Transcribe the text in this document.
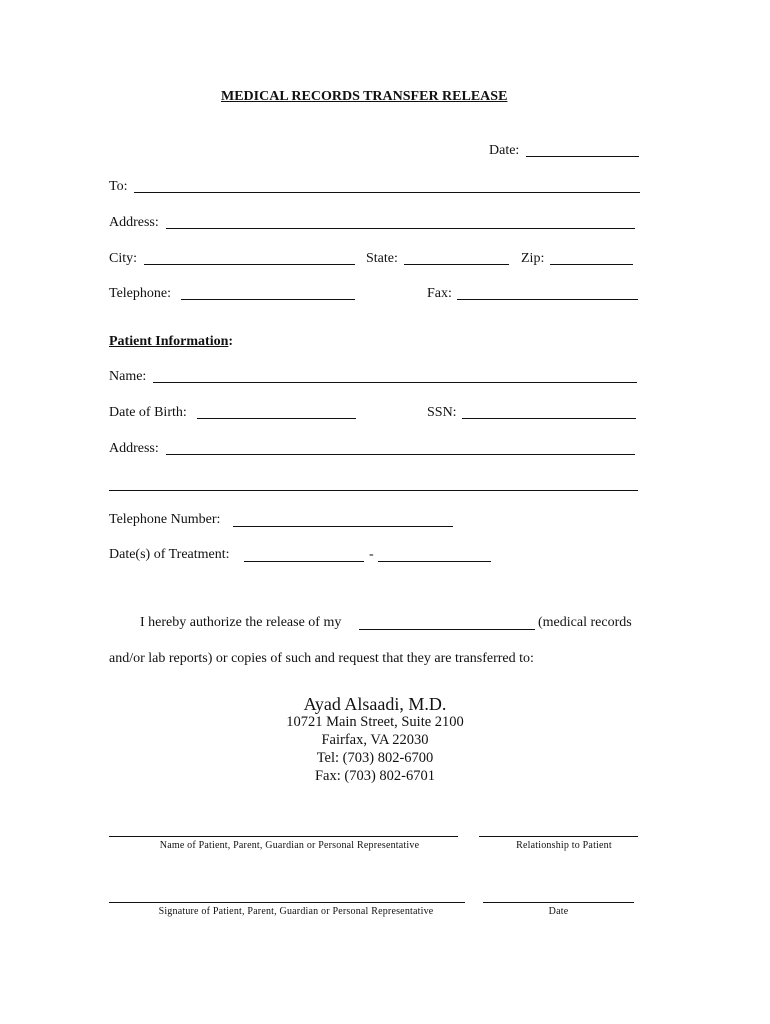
MEDICAL RECORDS TRANSFER RELEASE
Date:
To:
Address:
City:	State:	Zip:
Telephone:	Fax:
Patient Information:
Name:
Date of Birth:	SSN:
Address:
Telephone Number:
Date(s) of Treatment:	-
I hereby authorize the release of my	(medical records
and/or lab reports) or copies of such and request that they are transferred to:
Ayad Alsaadi, M.D.
10721 Main Street, Suite 2100
Fairfax, VA 22030
Tel: (703) 802-6700
Fax: (703) 802-6701
Name of Patient, Parent, Guardian or Personal Representative	Relationship to Patient
Signature of Patient, Parent, Guardian or Personal Representative	Date
